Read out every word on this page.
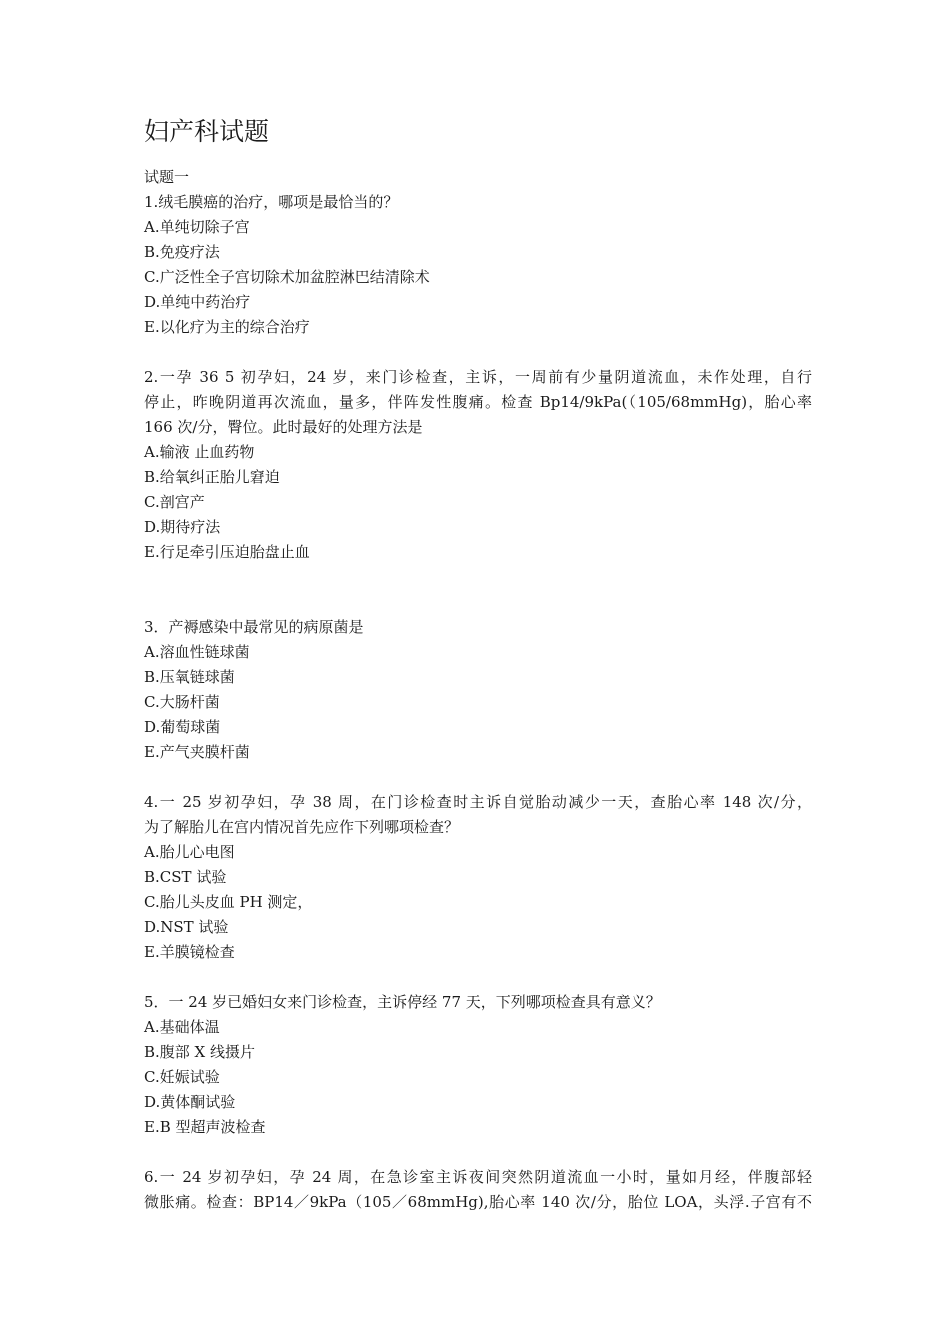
妇产科试题
试题一
1.绒毛膜癌的治疗，哪项是最恰当的？
A.单纯切除子宫
B.免疫疗法
C.广泛性全子宫切除术加盆腔淋巴结清除术
D.单纯中药治疗
E.以化疗为主的综合治疗
2.一孕 36 5 初孕妇，24 岁，来门诊检查，主诉，一周前有少量阴道流血，未作处理，自行
停止，昨晚阴道再次流血，量多，伴阵发性腹痛。检查 Bp14/9kPa(（105/68mmHg)，胎心率
166 次/分，臀位。此时最好的处理方法是
A.输液 止血药物
B.给氧纠正胎儿窘迫
C.剖宫产
D.期待疗法
E.行足牵引压迫胎盘止血
3．产褥感染中最常见的病原菌是
A.溶血性链球菌
B.压氧链球菌
C.大肠杆菌
D.葡萄球菌
E.产气夹膜杆菌
4.一 25 岁初孕妇，孕 38 周，在门诊检查时主诉自觉胎动减少一天，查胎心率 148 次/分，
为了解胎儿在宫内情况首先应作下列哪项检查？
A.胎儿心电图
B.CST 试验
C.胎儿头皮血 PH 测定，
D.NST 试验
E.羊膜镜检查
5．一 24 岁已婚妇女来门诊检查，主诉停经 77 天，下列哪项检查具有意义？
A.基础体温
B.腹部 X 线摄片
C.妊娠试验
D.黄体酮试验
E.B 型超声波检查
6.一 24 岁初孕妇，孕 24 周，在急诊室主诉夜间突然阴道流血一小时，量如月经，伴腹部轻
微胀痛。检查：BP14／9kPa（105／68mmHg),胎心率 140 次/分，胎位 LOA，头浮.子宫有不
